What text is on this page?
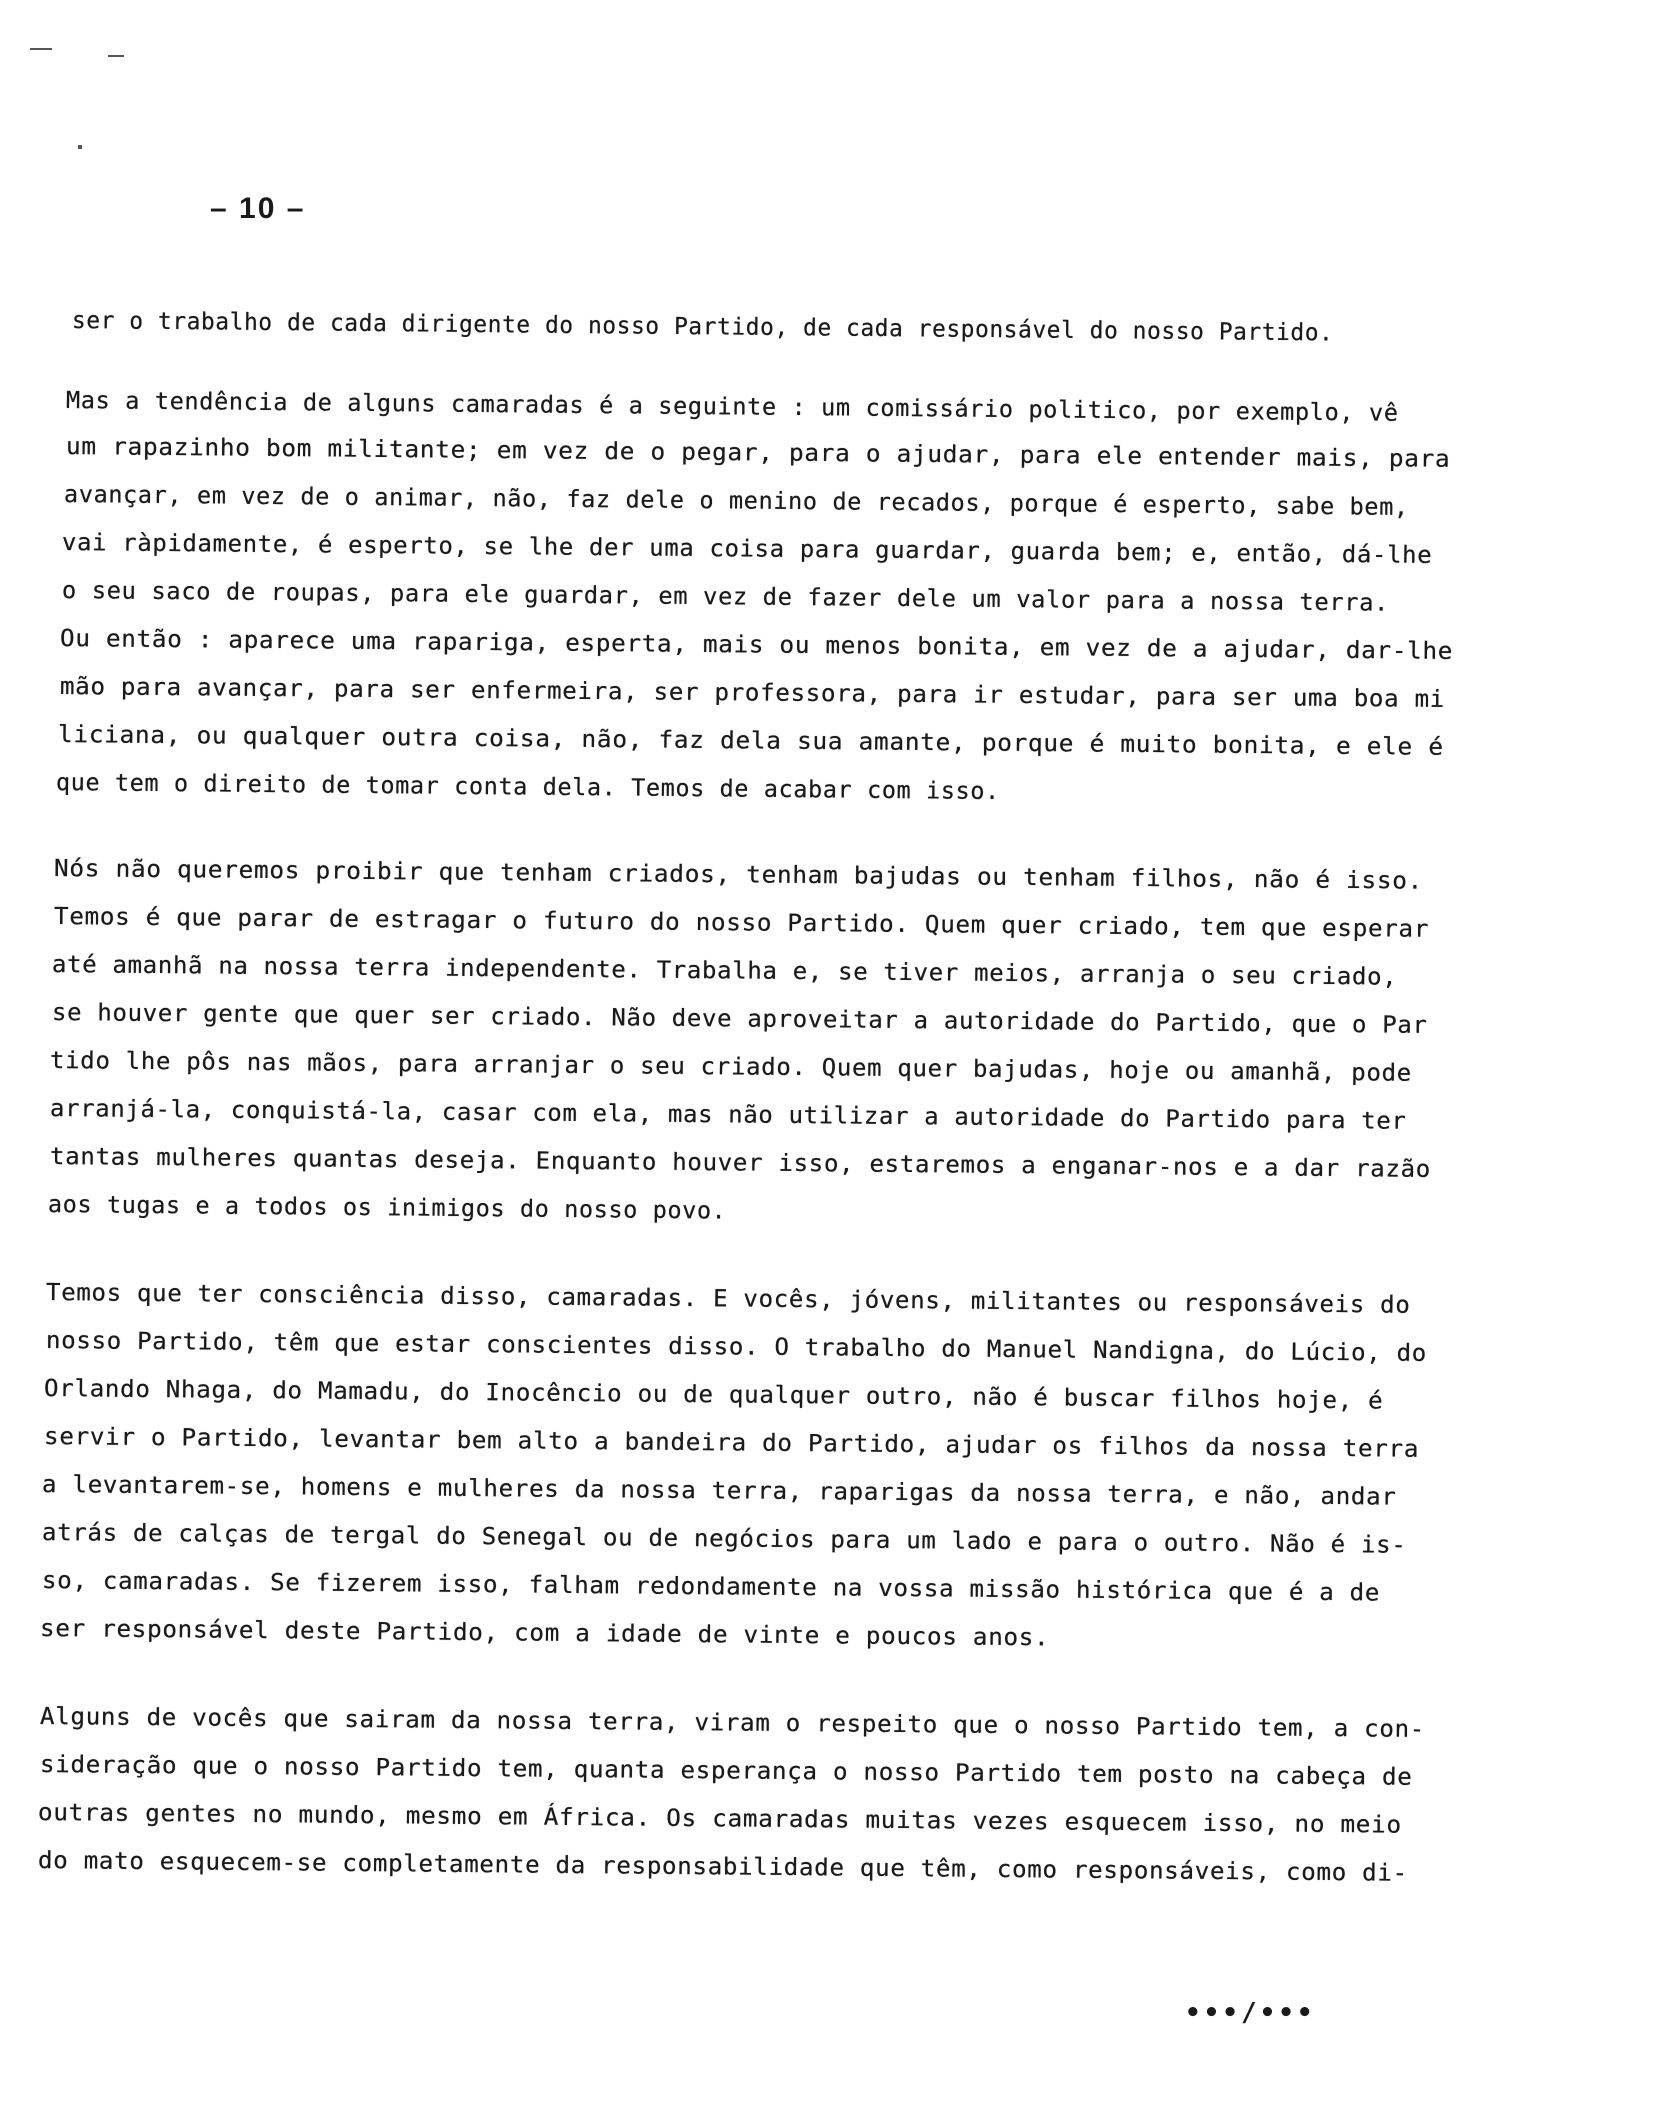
– 10 –
ser o trabalho de cada dirigente do nosso Partido, de cada responsável do nosso Partido.
Mas a tendência de alguns camaradas é a seguinte : um comissário politico, por exemplo, vê
um rapazinho bom militante; em vez de o pegar, para o ajudar, para ele entender mais, para
avançar, em vez de o animar, não, faz dele o menino de recados, porque é esperto, sabe bem,
vai ràpidamente, é esperto, se lhe der uma coisa para guardar, guarda bem; e, então, dá-lhe
o seu saco de roupas, para ele guardar, em vez de fazer dele um valor para a nossa terra.
Ou então : aparece uma rapariga, esperta, mais ou menos bonita, em vez de a ajudar, dar-lhe
mão para avançar, para ser enfermeira, ser professora, para ir estudar, para ser uma boa mi
liciana, ou qualquer outra coisa, não, faz dela sua amante, porque é muito bonita, e ele é
que tem o direito de tomar conta dela. Temos de acabar com isso.
Nós não queremos proibir que tenham criados, tenham bajudas ou tenham filhos, não é isso.
Temos é que parar de estragar o futuro do nosso Partido. Quem quer criado, tem que esperar
até amanhã na nossa terra independente. Trabalha e, se tiver meios, arranja o seu criado,
se houver gente que quer ser criado. Não deve aproveitar a autoridade do Partido, que o Par
tido lhe pôs nas mãos, para arranjar o seu criado. Quem quer bajudas, hoje ou amanhã, pode
arranjá-la, conquistá-la, casar com ela, mas não utilizar a autoridade do Partido para ter
tantas mulheres quantas deseja. Enquanto houver isso, estaremos a enganar-nos e a dar razão
aos tugas e a todos os inimigos do nosso povo.
Temos que ter consciência disso, camaradas. E vocês, jóvens, militantes ou responsáveis do
nosso Partido, têm que estar conscientes disso. O trabalho do Manuel Nandigna, do Lúcio, do
Orlando Nhaga, do Mamadu, do Inocêncio ou de qualquer outro, não é buscar filhos hoje, é
servir o Partido, levantar bem alto a bandeira do Partido, ajudar os filhos da nossa terra
a levantarem-se, homens e mulheres da nossa terra, raparigas da nossa terra, e não, andar
atrás de calças de tergal do Senegal ou de negócios para um lado e para o outro. Não é is-
so, camaradas. Se fizerem isso, falham redondamente na vossa missão histórica que é a de
ser responsável deste Partido, com a idade de vinte e poucos anos.
Alguns de vocês que sairam da nossa terra, viram o respeito que o nosso Partido tem, a con-
sideração que o nosso Partido tem, quanta esperança o nosso Partido tem posto na cabeça de
outras gentes no mundo, mesmo em África. Os camaradas muitas vezes esquecem isso, no meio
do mato esquecem-se completamente da responsabilidade que têm, como responsáveis, como di-
•••/•••
